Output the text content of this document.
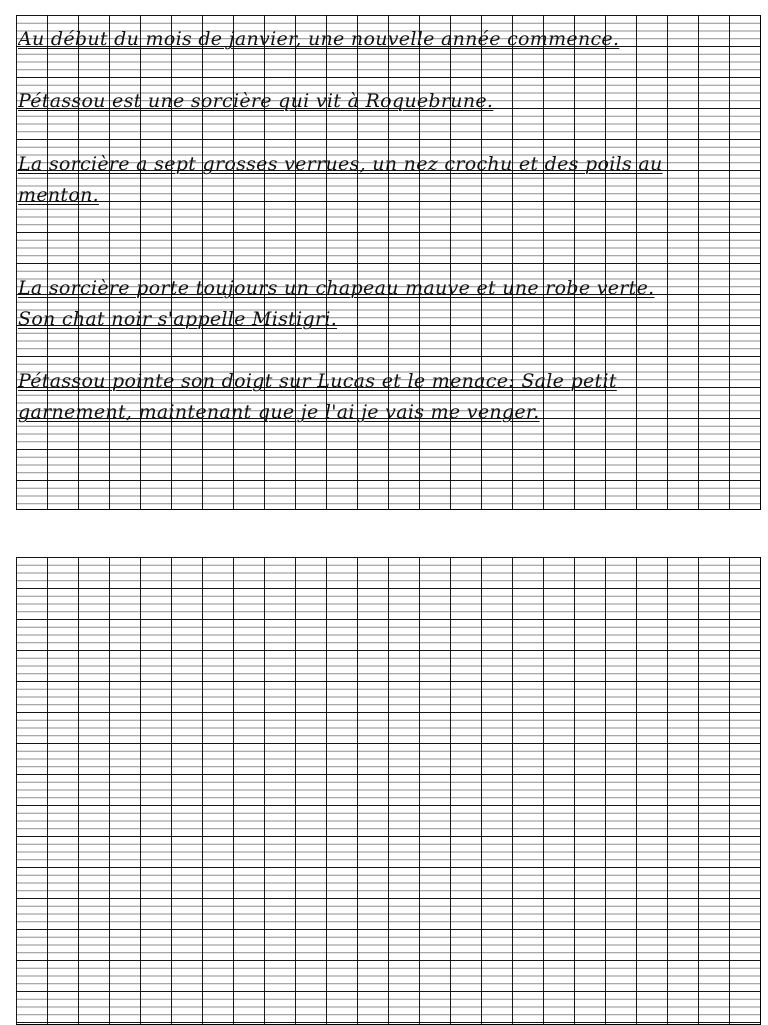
Au début du mois de janvier, une nouvelle année commence.

Pétassou est une sorcière qui vit à Roquebrune.

La sorcière a sept grosses verrues, un nez crochu et des poils au

menton.

La sorcière porte toujours un chapeau mauve et une robe verte.

Son chat noir s'appelle Mistigri.

Pétassou pointe son doigt sur Lucas et le menace: Sale petit

garnement, maintenant que je l'ai je vais me venger.
